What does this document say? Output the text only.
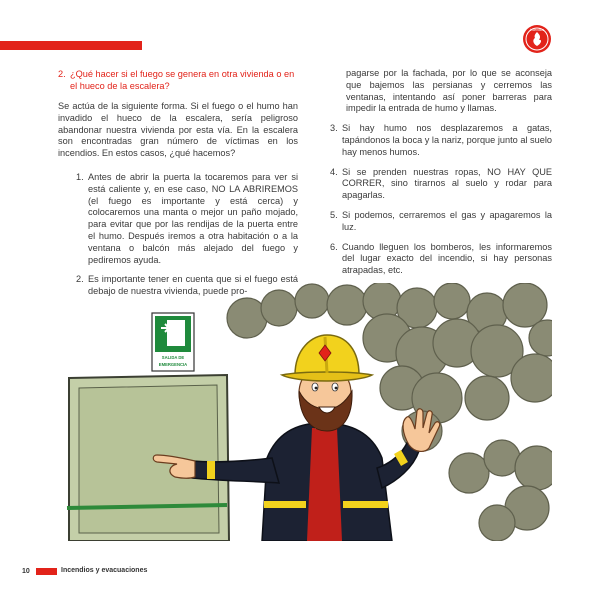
Incendios
2. ¿Qué hacer si el fuego se genera en otra vivienda o en el hueco de la escalera?

Se actúa de la siguiente forma. Si el fuego o el humo han invadido el hueco de la escalera, sería peligroso abandonar nuestra vivienda por esta vía. En la escalera son encontradas gran número de víctimas en los incendios. En estos casos, ¿qué hacemos?

1. Antes de abrir la puerta la tocaremos para ver si está caliente y, en ese caso, NO LA ABRIREMOS (el fuego es importante y está cerca) y colocaremos una manta o mejor un paño mojado, para evitar que por las rendijas de la puerta entre el humo. Después iremos a otra habitación o a la ventana o balcón más alejado del fuego y pediremos ayuda.
2. Es importante tener en cuenta que si el fuego está debajo de nuestra vivienda, puede pro-

pagarse por la fachada, por lo que se aconseja que bajemos las persianas y cerremos las ventanas, intentando así poner barreras para impedir la entrada de humo y llamas.

3. Si hay humo nos desplazaremos a gatas, tapándonos la boca y la nariz, porque junto al suelo hay menos humos.
4. Si se prenden nuestras ropas, NO HAY QUE CORRER, sino tirarnos al suelo y rodar para apagarlas.
5. Si podemos, cerraremos el gas y apagaremos la luz.
6. Cuando lleguen los bomberos, les informaremos del lugar exacto del incendio, si hay personas atrapadas, etc.
SALIDA DE
EMERGENCIA
10	Incendios y evacuaciones
